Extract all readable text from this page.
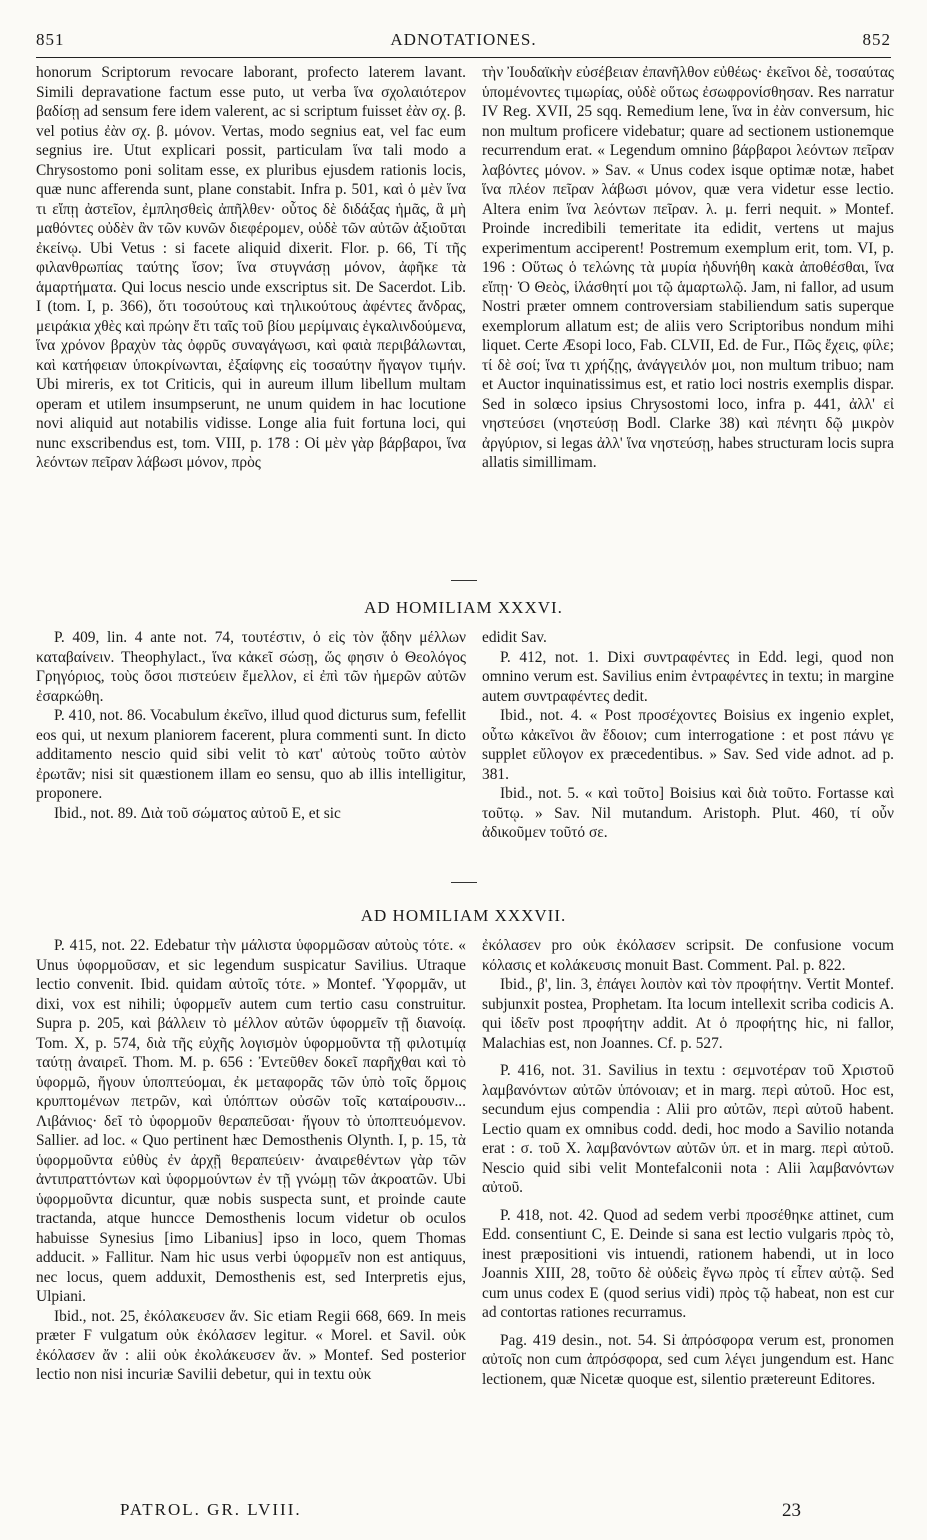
851	ADNOTATIONES.	852

honorum Scriptorum revocare laborant, profecto laterem lavant. Simili depravatione factum esse puto, ut verba ἵνα σχολαιότερον βαδίσῃ ad sensum fere idem valerent, ac si scriptum fuisset ἐὰν σχ. β. vel potius ἐὰν σχ. β. μόνον. Vertas, modo segnius eat, vel fac eum segnius ire. Utut explicari possit, particulam ἵνα tali modo a Chrysostomo poni solitam esse, ex pluribus ejusdem rationis locis, quæ nunc afferenda sunt, plane constabit. Infra p. 501, καὶ ὁ μὲν ἵνα τι εἴπῃ ἀστεῖον, ἐμπλησθεὶς ἀπῆλθεν· οὗτος δὲ διδάξας ἡμᾶς, ἃ μὴ μαθόντες οὐδὲν ἂν τῶν κυνῶν διεφέρομεν, οὐδὲ τῶν αὐτῶν ἀξιοῦται ἐκείνῳ. Ubi Vetus : si facete aliquid dixerit. Flor. p. 66, Τί τῆς φιλανθρωπίας ταύτης ἴσον; ἵνα στυγνάσῃ μόνον, ἀφῆκε τὰ ἁμαρτήματα. Qui locus nescio unde exscriptus sit. De Sacerdot. Lib. I (tom. I, p. 366), ὅτι τοσούτους καὶ τηλικούτους ἀφέντες ἄνδρας, μειράκια χθὲς καὶ πρώην ἔτι ταῖς τοῦ βίου μερίμναις ἐγκαλινδούμενα, ἵνα χρόνον βραχὺν τὰς ὀφρῦς συναγάγωσι, καὶ φαιὰ περιβάλωνται, καὶ κατήφειαν ὑποκρίνωνται, ἐξαίφνης εἰς τοσαύτην ἤγαγον τιμήν. Ubi mireris, ex tot Criticis, qui in aureum illum libellum multam operam et utilem insumpserunt, ne unum quidem in hac locutione novi aliquid aut notabilis vidisse. Longe alia fuit fortuna loci, qui nunc exscribendus est, tom. VIII, p. 178 : Οἱ μὲν γὰρ βάρβαροι, ἵνα λεόντων πεῖραν λάβωσι μόνον, πρὸς

τὴν Ἰουδαϊκὴν εὐσέβειαν ἐπανῆλθον εὐθέως· ἐκεῖνοι δὲ, τοσαύτας ὑπομένοντες τιμωρίας, οὐδὲ οὕτως ἐσωφρονίσθησαν. Res narratur IV Reg. XVII, 25 sqq. Remedium lene, ἵνα in ἐὰν conversum, hic non multum proficere videbatur; quare ad sectionem ustionemque recurrendum erat. « Legendum omnino βάρβαροι λεόντων πεῖραν λαβόντες μόνον. » Sav. « Unus codex isque optimæ notæ, habet ἵνα πλέον πεῖραν λάβωσι μόνον, quæ vera videtur esse lectio. Altera enim ἵνα λεόντων πεῖραν. λ. μ. ferri nequit. » Montef. Proinde incredibili temeritate ita edidit, vertens ut majus experimentum acciperent! Postremum exemplum erit, tom. VI, p. 196 : Οὕτως ὁ τελώνης τὰ μυρία ἠδυνήθη κακὰ ἀποθέσθαι, ἵνα εἴπῃ· Ὁ Θεὸς, ἱλάσθητί μοι τῷ ἁμαρτωλῷ. Jam, ni fallor, ad usum Nostri præter omnem controversiam stabiliendum satis superque exemplorum allatum est; de aliis vero Scriptoribus nondum mihi liquet. Certe Æsopi loco, Fab. CLVII, Ed. de Fur., Πῶς ἔχεις, φίλε; τί δὲ σοί; ἵνα τι χρήζῃς, ἀνάγγειλόν μοι, non multum tribuo; nam et Auctor inquinatissimus est, et ratio loci nostris exemplis dispar. Sed in solœco ipsius Chrysostomi loco, infra p. 441, ἀλλ' εἰ νηστεύσει (νηστεύσῃ Bodl. Clarke 38) καὶ πένητι δῷ μικρὸν ἀργύριον, si legas ἀλλ' ἵνα νηστεύσῃ, habes structuram locis supra allatis simillimam.

AD HOMILIAM XXXVI.

P. 409, lin. 4 ante not. 74, τουτέστιν, ὁ εἰς τὸν ᾅδην μέλλων καταβαίνειν. Theophylact., ἵνα κἀκεῖ σώσῃ, ὥς φησιν ὁ Θεολόγος Γρηγόριος, τοὺς ὅσοι πιστεύειν ἔμελλον, εἰ ἐπὶ τῶν ἡμερῶν αὐτῶν ἐσαρκώθη.

P. 410, not. 86. Vocabulum ἐκεῖνο, illud quod dicturus sum, fefellit eos qui, ut nexum planiorem facerent, plura commenti sunt. In dicto additamento nescio quid sibi velit τὸ κατ' αὐτοὺς τοῦτο αὐτὸν ἐρωτᾶν; nisi sit quæstionem illam eo sensu, quo ab illis intelligitur, proponere.

Ibid., not. 89. Διὰ τοῦ σώματος αὐτοῦ E, et sic

edidit Sav.

P. 412, not. 1. Dixi συντραφέντες in Edd. legi, quod non omnino verum est. Savilius enim ἐντραφέντες in textu; in margine autem συντραφέντες dedit.

Ibid., not. 4. « Post προσέχοντες Boisius ex ingenio explet, οὗτω κἀκεῖνοι ἂν ἔδοιον; cum interrogatione : et post πάνυ γε supplet εὔλογον ex præcedentibus. » Sav. Sed vide adnot. ad p. 381.

Ibid., not. 5. « καὶ τοῦτο] Boisius καὶ διὰ τοῦτο. Fortasse καὶ τοῦτῳ. » Sav. Nil mutandum. Aristoph. Plut. 460, τί οὖν ἀδικοῦμεν τοῦτό σε.

AD HOMILIAM XXXVII.

P. 415, not. 22. Edebatur τὴν μάλιστα ὑφορμῶσαν αὐτοὺς τότε. « Unus ὑφορμοῦσαν, et sic legendum suspicatur Savilius. Utraque lectio convenit. Ibid. quidam αὐτοῖς τότε. » Montef. Ὑφορμᾶν, ut dixi, vox est nihili; ὑφορμεῖν autem cum tertio casu construitur. Supra p. 205, καὶ βάλλειν τὸ μέλλον αὐτῶν ὑφορμεῖν τῇ διανοίᾳ. Tom. X, p. 574, διὰ τῆς εὐχῆς λογισμὸν ὑφορμοῦντα τῇ φιλοτιμίᾳ ταύτῃ ἀναιρεῖ. Thom. M. p. 656 : Ἐντεῦθεν δοκεῖ παρῆχθαι καὶ τὸ ὑφορμῶ, ἤγουν ὑποπτεύομαι, ἐκ μεταφορᾶς τῶν ὑπὸ τοῖς ὅρμοις κρυπτομένων πετρῶν, καὶ ὑπόπτων οὐσῶν τοῖς καταίρουσιν... Λιβάνιος· δεῖ τὸ ὑφορμοῦν θεραπεῦσαι· ἤγουν τὸ ὑποπτευόμενον. Sallier. ad loc. « Quo pertinent hæc Demosthenis Olynth. I, p. 15, τὰ ὑφορμοῦντα εὐθὺς ἐν ἀρχῇ θεραπεύειν· ἀναιρεθέντων γὰρ τῶν ἀντιπραττόντων καὶ ὑφορμούντων ἐν τῇ γνώμῃ τῶν ἀκροατῶν. Ubi ὑφορμοῦντα dicuntur, quæ nobis suspecta sunt, et proinde caute tractanda, atque huncce Demosthenis locum videtur ob oculos habuisse Synesius [imo Libanius] ipso in loco, quem Thomas adducit. » Fallitur. Nam hic usus verbi ὑφορμεῖν non est antiquus, nec locus, quem adduxit, Demosthenis est, sed Interpretis ejus, Ulpiani.

Ibid., not. 25, ἐκόλακευσεν ἄν. Sic etiam Regii 668, 669. In meis præter F vulgatum οὐκ ἐκόλασεν legitur. « Morel. et Savil. οὐκ ἐκόλασεν ἄν : alii οὐκ ἐκολάκευσεν ἄν. » Montef. Sed posterior lectio non nisi incuriæ Savilii debetur, qui in textu οὐκ

ἐκόλασεν pro οὐκ ἐκόλασεν scripsit. De confusione vocum κόλασις et κολάκευσις monuit Bast. Comment. Pal. p. 822.

Ibid., β', lin. 3, ἐπάγει λοιπὸν καὶ τὸν προφήτην. Vertit Montef. subjunxit postea, Prophetam. Ita locum intellexit scriba codicis A. qui ἰδεῖν post προφήτην addit. At ὁ προφήτης hic, ni fallor, Malachias est, non Joannes. Cf. p. 527.

P. 416, not. 31. Savilius in textu : σεμνοτέραν τοῦ Χριστοῦ λαμβανόντων αὐτῶν ὑπόνοιαν; et in marg. περὶ αὐτοῦ. Hoc est, secundum ejus compendia : Alii pro αὐτῶν, περὶ αὐτοῦ habent. Lectio quam ex omnibus codd. dedi, hoc modo a Savilio notanda erat : σ. τοῦ Χ. λαμβανόντων αὐτῶν ὑπ. et in marg. περὶ αὐτοῦ. Nescio quid sibi velit Montefalconii nota : Alii λαμβανόντων αὐτοῦ.

P. 418, not. 42. Quod ad sedem verbi προσέθηκε attinet, cum Edd. consentiunt C, E. Deinde si sana est lectio vulgaris πρὸς τὸ, inest præpositioni vis intuendi, rationem habendi, ut in loco Joannis XIII, 28, τοῦτο δὲ οὐδεὶς ἔγνω πρὸς τί εἶπεν αὐτῷ. Sed cum unus codex E (quod serius vidi) πρὸς τῷ habeat, non est cur ad contortas rationes recurramus.

Pag. 419 desin., not. 54. Si ἀπρόσφορα verum est, pronomen αὐτοῖς non cum ἀπρόσφορα, sed cum λέγει jungendum est. Hanc lectionem, quæ Nicetæ quoque est, silentio prætereunt Editores.

PATROL. GR. LVIII.	23
